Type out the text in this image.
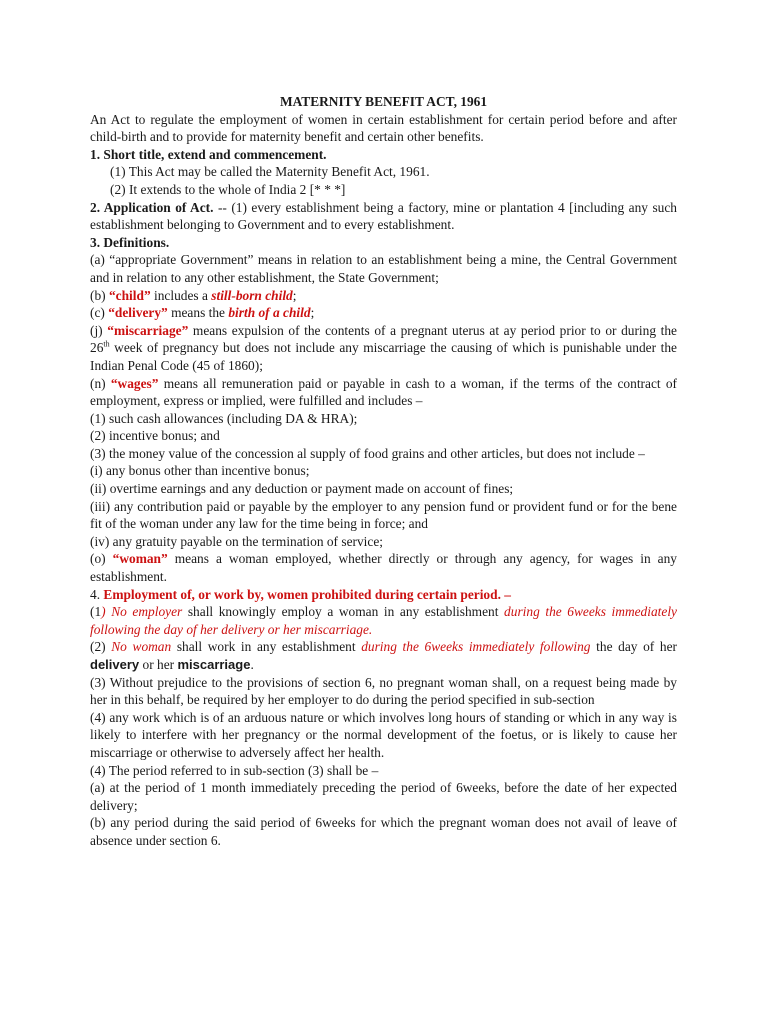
MATERNITY BENEFIT ACT, 1961

An Act to regulate the employment of women in certain establishment for certain period before and after child-birth and to provide for maternity benefit and certain other benefits.

1. Short title, extend and commencement.

(1) This Act may be called the Maternity Benefit Act, 1961.

(2) It extends to the whole of India 2 [* * *]

2. Application of Act. -- (1) every establishment being a factory, mine or plantation 4 [including any such establishment belonging to Government and to every establishment.

3. Definitions.

(a) “appropriate Government” means in relation to an establishment being a mine, the Central Government and in relation to any other establishment, the State Government;

(b) “child” includes a still-born child;

(c) “delivery” means the birth of a child;

(j) “miscarriage” means expulsion of the contents of a pregnant uterus at ay period prior to or during the 26th week of pregnancy but does not include any miscarriage the causing of which is punishable under the Indian Penal Code (45 of 1860);

(n) “wages” means all remuneration paid or payable in cash to a woman, if the terms of the contract of employment, express or implied, were fulfilled and includes –

(1) such cash allowances (including DA & HRA);

(2) incentive bonus; and

(3) the money value of the concession al supply of food grains and other articles, but does not include –

(i) any bonus other than incentive bonus;

(ii) overtime earnings and any deduction or payment made on account of fines;

(iii) any contribution paid or payable by the employer to any pension fund or provident fund or for the bene fit of the woman under any law for the time being in force; and

(iv) any gratuity payable on the termination of service;

(o) “woman” means a woman employed, whether directly or through any agency, for wages in any establishment.

4. Employment of, or work by, women prohibited during certain period. –

(1) No employer shall knowingly employ a woman in any establishment during the 6weeks immediately following the day of her delivery or her miscarriage.

(2) No woman shall work in any establishment during the 6weeks immediately following the day of her delivery or her miscarriage.

(3) Without prejudice to the provisions of section 6, no pregnant woman shall, on a request being made by her in this behalf, be required by her employer to do during the period specified in sub-section

(4) any work which is of an arduous nature or which involves long hours of standing or which in any way is likely to interfere with her pregnancy or the normal development of the foetus, or is likely to cause her miscarriage or otherwise to adversely affect her health.

(4) The period referred to in sub-section (3) shall be –

(a) at the period of 1 month immediately preceding the period of 6weeks, before the date of her expected delivery;

(b) any period during the said period of 6weeks for which the pregnant woman does not avail of leave of absence under section 6.
